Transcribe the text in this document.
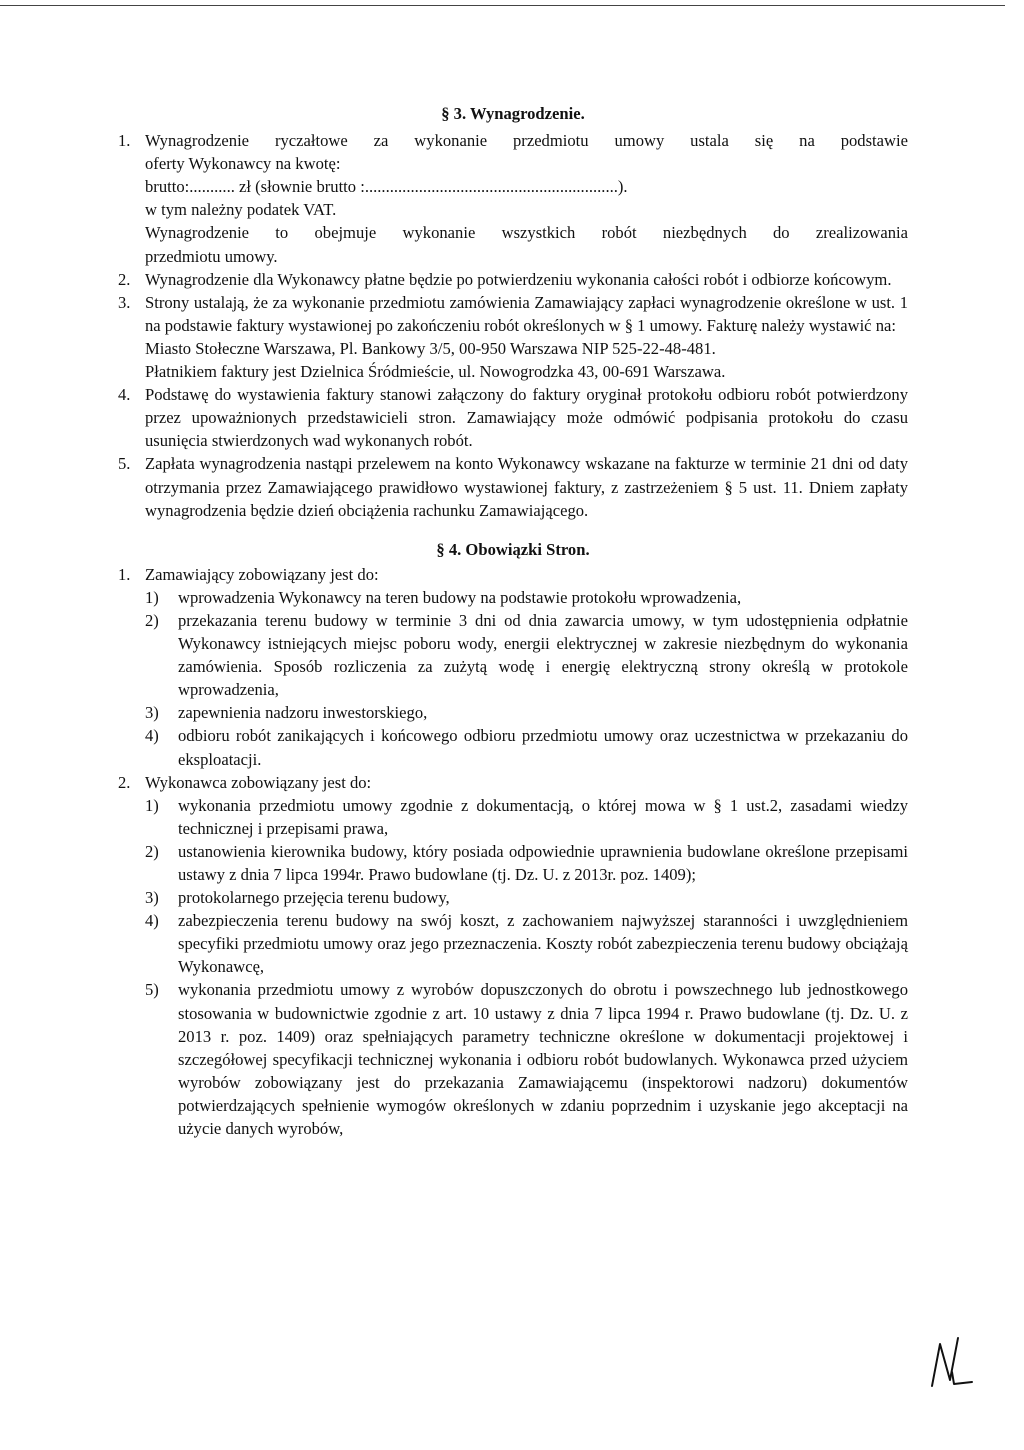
§ 3. Wynagrodzenie.

1. Wynagrodzenie ryczałtowe za wykonanie przedmiotu umowy ustala się na podstawie
oferty Wykonawcy na kwotę:
brutto:........... zł (słownie brutto :.............................................................).
w tym należny podatek VAT.
Wynagrodzenie to obejmuje wykonanie wszystkich robót niezbędnych do zrealizowania
przedmiotu umowy.
2. Wynagrodzenie dla Wykonawcy płatne będzie po potwierdzeniu wykonania całości robót i odbiorze końcowym.
3. Strony ustalają, że za wykonanie przedmiotu zamówienia Zamawiający zapłaci wynagrodzenie określone w ust. 1 na podstawie faktury wystawionej po zakończeniu robót określonych w § 1 umowy. Fakturę należy wystawić na:
Miasto Stołeczne Warszawa, Pl. Bankowy 3/5, 00-950 Warszawa NIP 525-22-48-481.
Płatnikiem faktury jest Dzielnica Śródmieście, ul. Nowogrodzka 43, 00-691 Warszawa.
4. Podstawę do wystawienia faktury stanowi załączony do faktury oryginał protokołu odbioru robót potwierdzony przez upoważnionych przedstawicieli stron. Zamawiający może odmówić podpisania protokołu do czasu usunięcia stwierdzonych wad wykonanych robót.
5. Zapłata wynagrodzenia nastąpi przelewem na konto Wykonawcy wskazane na fakturze w terminie 21 dni od daty otrzymania przez Zamawiającego prawidłowo wystawionej faktury, z zastrzeżeniem § 5 ust. 11. Dniem zapłaty wynagrodzenia będzie dzień obciążenia rachunku Zamawiającego.

§ 4. Obowiązki Stron.

1. Zamawiający zobowiązany jest do:
1) wprowadzenia Wykonawcy na teren budowy na podstawie protokołu wprowadzenia,
2) przekazania terenu budowy w terminie 3 dni od dnia zawarcia umowy, w tym udostępnienia odpłatnie Wykonawcy istniejących miejsc poboru wody, energii elektrycznej w zakresie niezbędnym do wykonania zamówienia. Sposób rozliczenia za zużytą wodę i energię elektryczną strony określą w protokole wprowadzenia,
3) zapewnienia nadzoru inwestorskiego,
4) odbioru robót zanikających i końcowego odbioru przedmiotu umowy oraz uczestnictwa w przekazaniu do eksploatacji.
2. Wykonawca zobowiązany jest do:
1) wykonania przedmiotu umowy zgodnie z dokumentacją, o której mowa w § 1 ust.2, zasadami wiedzy technicznej i przepisami prawa,
2) ustanowienia kierownika budowy, który posiada odpowiednie uprawnienia budowlane określone przepisami ustawy z dnia 7 lipca 1994r. Prawo budowlane (tj. Dz. U. z 2013r. poz. 1409);
3) protokolarnego przejęcia terenu budowy,
4) zabezpieczenia terenu budowy na swój koszt, z zachowaniem najwyższej staranności i uwzględnieniem specyfiki przedmiotu umowy oraz jego przeznaczenia. Koszty robót zabezpieczenia terenu budowy obciążają Wykonawcę,
5) wykonania przedmiotu umowy z wyrobów dopuszczonych do obrotu i powszechnego lub jednostkowego stosowania w budownictwie zgodnie z art. 10 ustawy z dnia 7 lipca 1994 r. Prawo budowlane (tj. Dz. U. z 2013 r. poz. 1409) oraz spełniających parametry techniczne określone w dokumentacji projektowej i szczegółowej specyfikacji technicznej wykonania i odbioru robót budowlanych. Wykonawca przed użyciem wyrobów zobowiązany jest do przekazania Zamawiającemu (inspektorowi nadzoru) dokumentów potwierdzających spełnienie wymogów określonych w zdaniu poprzednim i uzyskanie jego akceptacji na użycie danych wyrobów,
